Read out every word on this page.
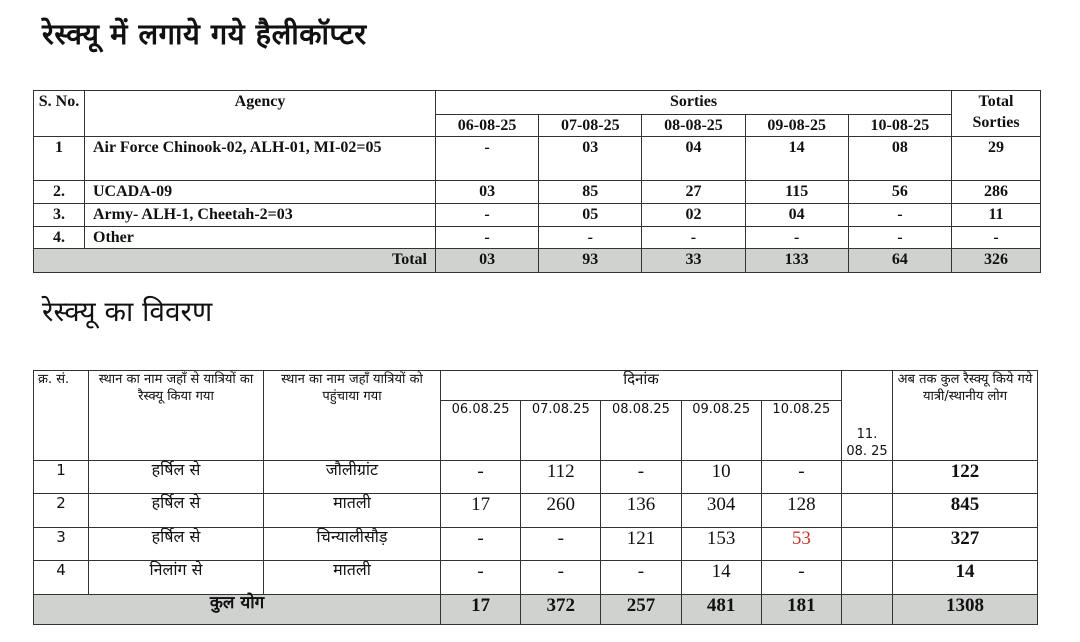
रेस्क्यू में लगाये गये हैलीकॉप्टर
S. No.	Agency	Sorties					Total Sorties
		06-08-25	07-08-25	08-08-25	09-08-25	10-08-25	
1	Air Force Chinook-02, ALH-01, MI-02=05	-	03	04	14	08	29
2.	UCADA-09	03	85	27	115	56	286
3.	Army- ALH-1, Cheetah-2=03	-	05	02	04	-	11
4.	Other	-	-	-	-	-	-
Total		03	93	33	133	64	326
रेस्क्यू का विवरण
क्र. सं.	स्थान का नाम जहाँ से यात्रियों का रैस्क्यू किया गया	स्थान का नाम जहाँ यात्रियों को पहुंचाया गया	दिनांक					11. 08. 25	अब तक कुल रैस्क्यू किये गये यात्री/स्थानीय लोग
			06.08.25	07.08.25	08.08.25	09.08.25	10.08.25		
1	हर्षिल से	जौलीग्रांट	-	112	-	10	-		122
2	हर्षिल से	मातली	17	260	136	304	128		845
3	हर्षिल से	चिन्यालीसौड़	-	-	121	153	53		327
4	निलांग से	मातली	-	-	-	14	-		14
कुल योग			17	372	257	481	181		1308
